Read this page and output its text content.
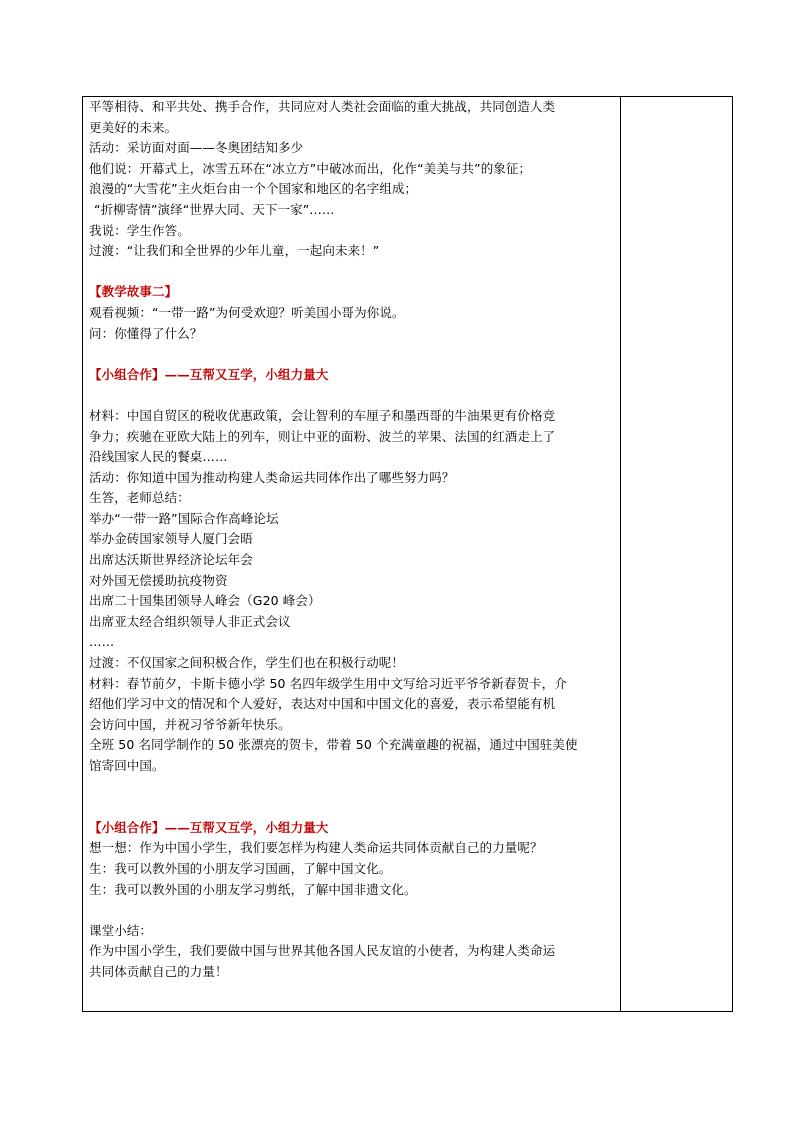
平等相待、和平共处、携手合作，共同应对人类社会面临的重大挑战，共同创造人类
更美好的未来。
活动：采访面对面——冬奥团结知多少
他们说：开幕式上，冰雪五环在“冰立方”中破冰而出，化作“美美与共”的象征；
浪漫的“大雪花”主火炬台由一个个国家和地区的名字组成；
“折柳寄情”演绎“世界大同、天下一家”……
我说：学生作答。
过渡：“让我们和全世界的少年儿童，一起向未来！”
【教学故事二】
观看视频：“一带一路”为何受欢迎？听美国小哥为你说。
问：你懂得了什么？
【小组合作】——互帮又互学，小组力量大
材料：中国自贸区的税收优惠政策，会让智利的车厘子和墨西哥的牛油果更有价格竞
争力；疾驰在亚欧大陆上的列车，则让中亚的面粉、波兰的苹果、法国的红酒走上了
沿线国家人民的餐桌……
活动：你知道中国为推动构建人类命运共同体作出了哪些努力吗？
生答，老师总结：
举办“一带一路”国际合作高峰论坛
举办金砖国家领导人厦门会晤
出席达沃斯世界经济论坛年会
对外国无偿援助抗疫物资
出席二十国集团领导人峰会（G20 峰会）
出席亚太经合组织领导人非正式会议
……
过渡：不仅国家之间积极合作，学生们也在积极行动呢！
材料：春节前夕，卡斯卡德小学 50 名四年级学生用中文写给习近平爷爷新春贺卡，介
绍他们学习中文的情况和个人爱好，表达对中国和中国文化的喜爱，表示希望能有机
会访问中国，并祝习爷爷新年快乐。
全班 50 名同学制作的 50 张漂亮的贺卡，带着 50 个充满童趣的祝福，通过中国驻美使
馆寄回中国。
【小组合作】——互帮又互学，小组力量大
想一想：作为中国小学生，我们要怎样为构建人类命运共同体贡献自己的力量呢？
生：我可以教外国的小朋友学习国画，了解中国文化。
生：我可以教外国的小朋友学习剪纸，了解中国非遗文化。
课堂小结：
作为中国小学生，我们要做中国与世界其他各国人民友谊的小使者，为构建人类命运
共同体贡献自己的力量！
